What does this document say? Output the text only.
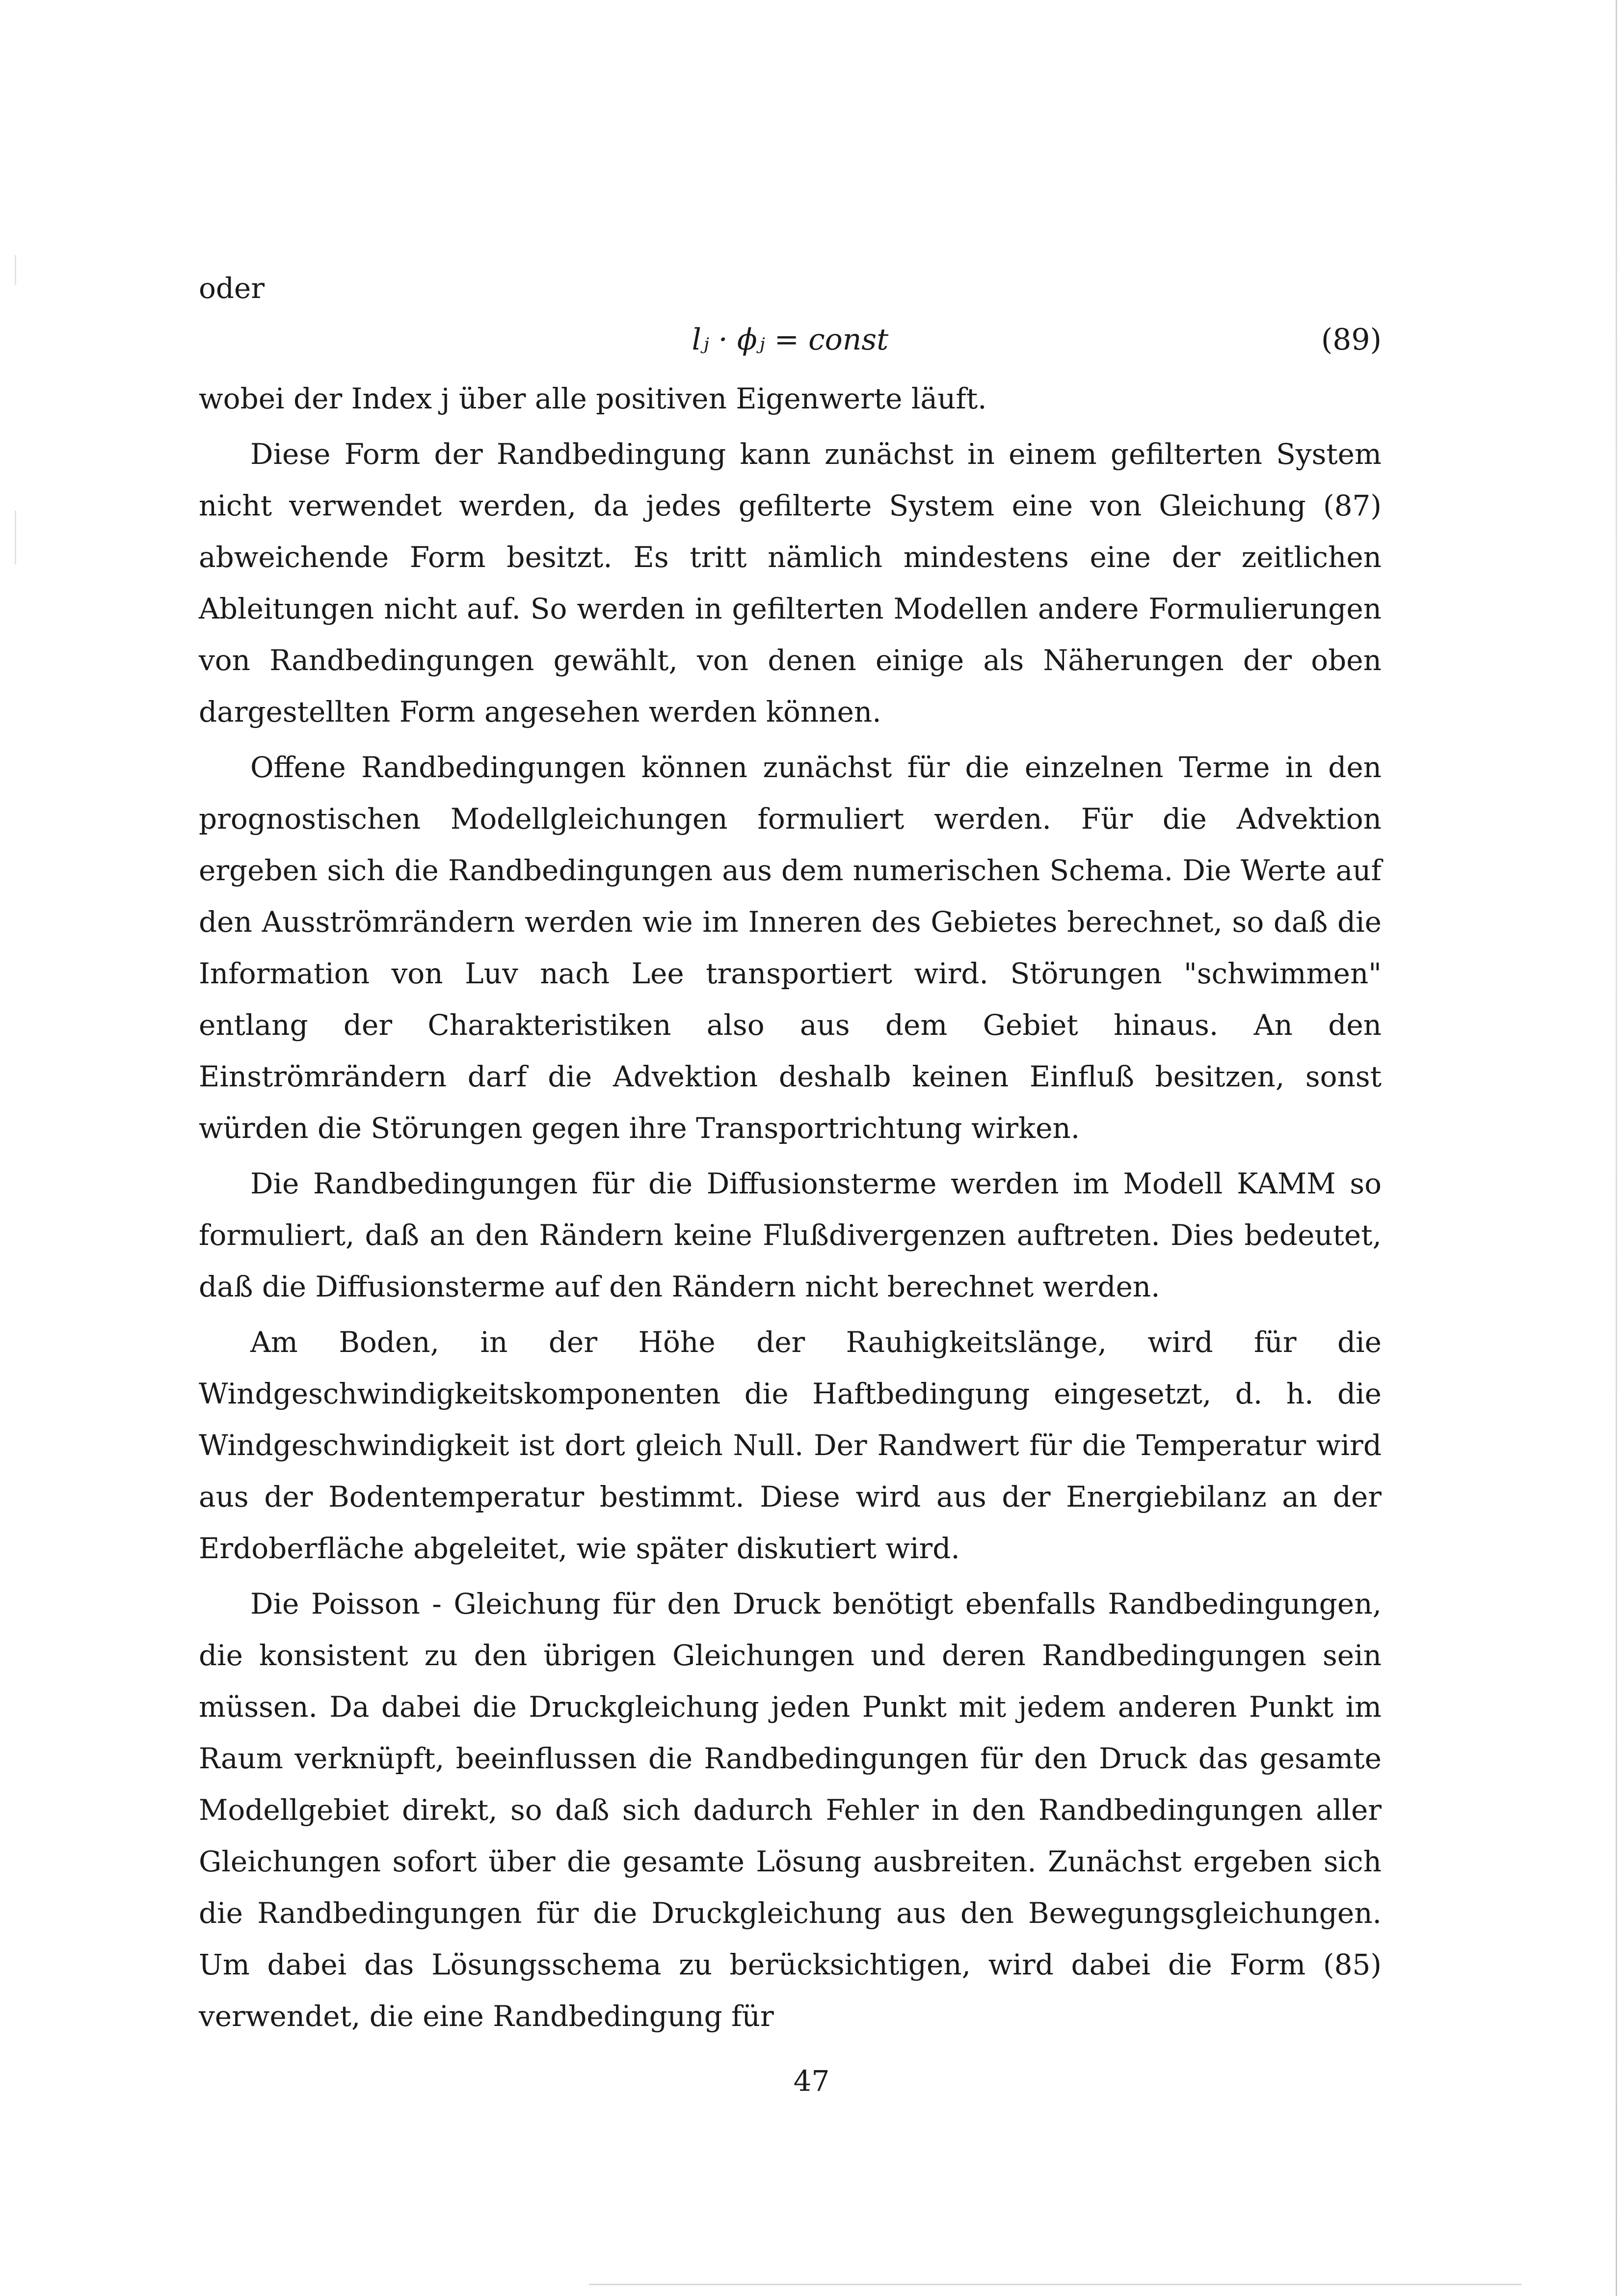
oder

lⱼ · ϕⱼ = const	(89)

wobei der Index j über alle positiven Eigenwerte läuft.

Diese Form der Randbedingung kann zunächst in einem gefilterten System nicht verwendet werden, da jedes gefilterte System eine von Gleichung (87) abweichende Form besitzt. Es tritt nämlich mindestens eine der zeitlichen Ableitungen nicht auf. So werden in gefilterten Modellen andere Formulierungen von Randbedingungen gewählt, von denen einige als Näherungen der oben dargestellten Form angesehen werden können.

Offene Randbedingungen können zunächst für die einzelnen Terme in den prognostischen Modellgleichungen formuliert werden. Für die Advektion ergeben sich die Randbedingungen aus dem numerischen Schema. Die Werte auf den Ausströmrändern werden wie im Inneren des Gebietes berechnet, so daß die Information von Luv nach Lee transportiert wird. Störungen "schwimmen" entlang der Charakteristiken also aus dem Gebiet hinaus. An den Einströmrändern darf die Advektion deshalb keinen Einfluß besitzen, sonst würden die Störungen gegen ihre Transportrichtung wirken.

Die Randbedingungen für die Diffusionsterme werden im Modell KAMM so formuliert, daß an den Rändern keine Flußdivergenzen auftreten. Dies bedeutet, daß die Diffusionsterme auf den Rändern nicht berechnet werden.

Am Boden, in der Höhe der Rauhigkeitslänge, wird für die Windgeschwindigkeitskomponenten die Haftbedingung eingesetzt, d. h. die Windgeschwindigkeit ist dort gleich Null. Der Randwert für die Temperatur wird aus der Bodentemperatur bestimmt. Diese wird aus der Energiebilanz an der Erdoberfläche abgeleitet, wie später diskutiert wird.

Die Poisson - Gleichung für den Druck benötigt ebenfalls Randbedingungen, die konsistent zu den übrigen Gleichungen und deren Randbedingungen sein müssen. Da dabei die Druckgleichung jeden Punkt mit jedem anderen Punkt im Raum verknüpft, beeinflussen die Randbedingungen für den Druck das gesamte Modellgebiet direkt, so daß sich dadurch Fehler in den Randbedingungen aller Gleichungen sofort über die gesamte Lösung ausbreiten. Zunächst ergeben sich die Randbedingungen für die Druckgleichung aus den Bewegungsgleichungen. Um dabei das Lösungsschema zu berücksichtigen, wird dabei die Form (85) verwendet, die eine Randbedingung für

47
